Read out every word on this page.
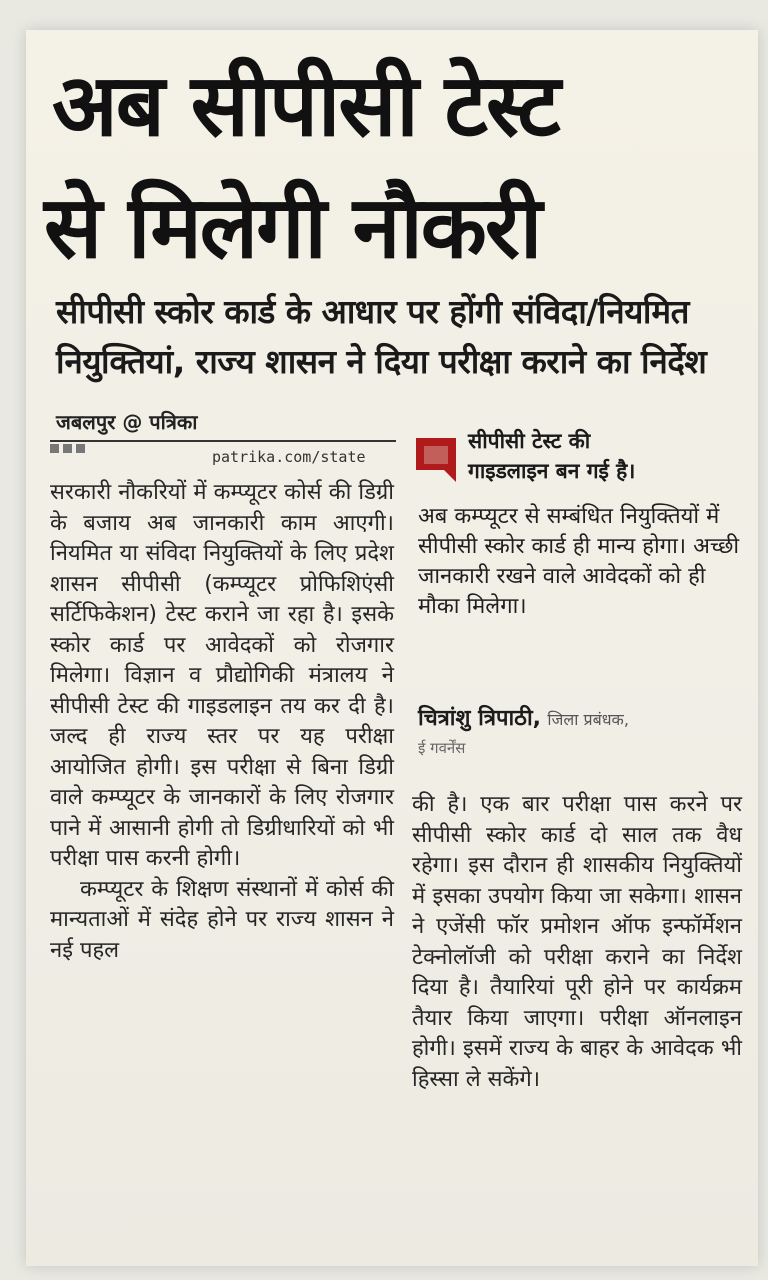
अब सीपीसी टेस्ट
से मिलेगी नौकरी
सीपीसी स्कोर कार्ड के आधार पर होंगी संविदा/नियमित
नियुक्तियां, राज्य शासन ने दिया परीक्षा कराने का निर्देश
जबलपुर @ पत्रिका
patrika.com/state

सरकारी नौकरियों में कम्प्यूटर कोर्स की डिग्री के बजाय अब जानकारी काम आएगी। नियमित या संविदा नियुक्तियों के लिए प्रदेश शासन सीपीसी (कम्प्यूटर प्रोफिशिएंसी सर्टिफिकेशन) टेस्ट कराने जा रहा है। इसके स्कोर कार्ड पर आवेदकों को रोजगार मिलेगा। विज्ञान व प्रौद्योगिकी मंत्रालय ने सीपीसी टेस्ट की गाइडलाइन तय कर दी है। जल्द ही राज्य स्तर पर यह परीक्षा आयोजित होगी। इस परीक्षा से बिना डिग्री वाले कम्प्यूटर के जानकारों के लिए रोजगार पाने में आसानी होगी तो डिग्रीधारियों को भी परीक्षा पास करनी होगी।

कम्प्यूटर के शिक्षण संस्थानों में कोर्स की मान्यताओं में संदेह होने पर राज्य शासन ने नई पहल

सीपीसी टेस्ट की
गाइडलाइन बन गई है।

अब कम्प्यूटर से सम्बंधित नियुक्तियों में सीपीसी स्कोर कार्ड ही मान्य होगा। अच्छी जानकारी रखने वाले आवेदकों को ही मौका मिलेगा।

चित्रांशु त्रिपाठी, जिला प्रबंधक,
ई गवर्नेंस

की है। एक बार परीक्षा पास करने पर सीपीसी स्कोर कार्ड दो साल तक वैध रहेगा। इस दौरान ही शासकीय नियुक्तियों में इसका उपयोग किया जा सकेगा। शासन ने एजेंसी फॉर प्रमोशन ऑफ इन्फॉर्मेशन टेक्नोलॉजी को परीक्षा कराने का निर्देश दिया है। तैयारियां पूरी होने पर कार्यक्रम तैयार किया जाएगा। परीक्षा ऑनलाइन होगी। इसमें राज्य के बाहर के आवेदक भी हिस्सा ले सकेंगे।
